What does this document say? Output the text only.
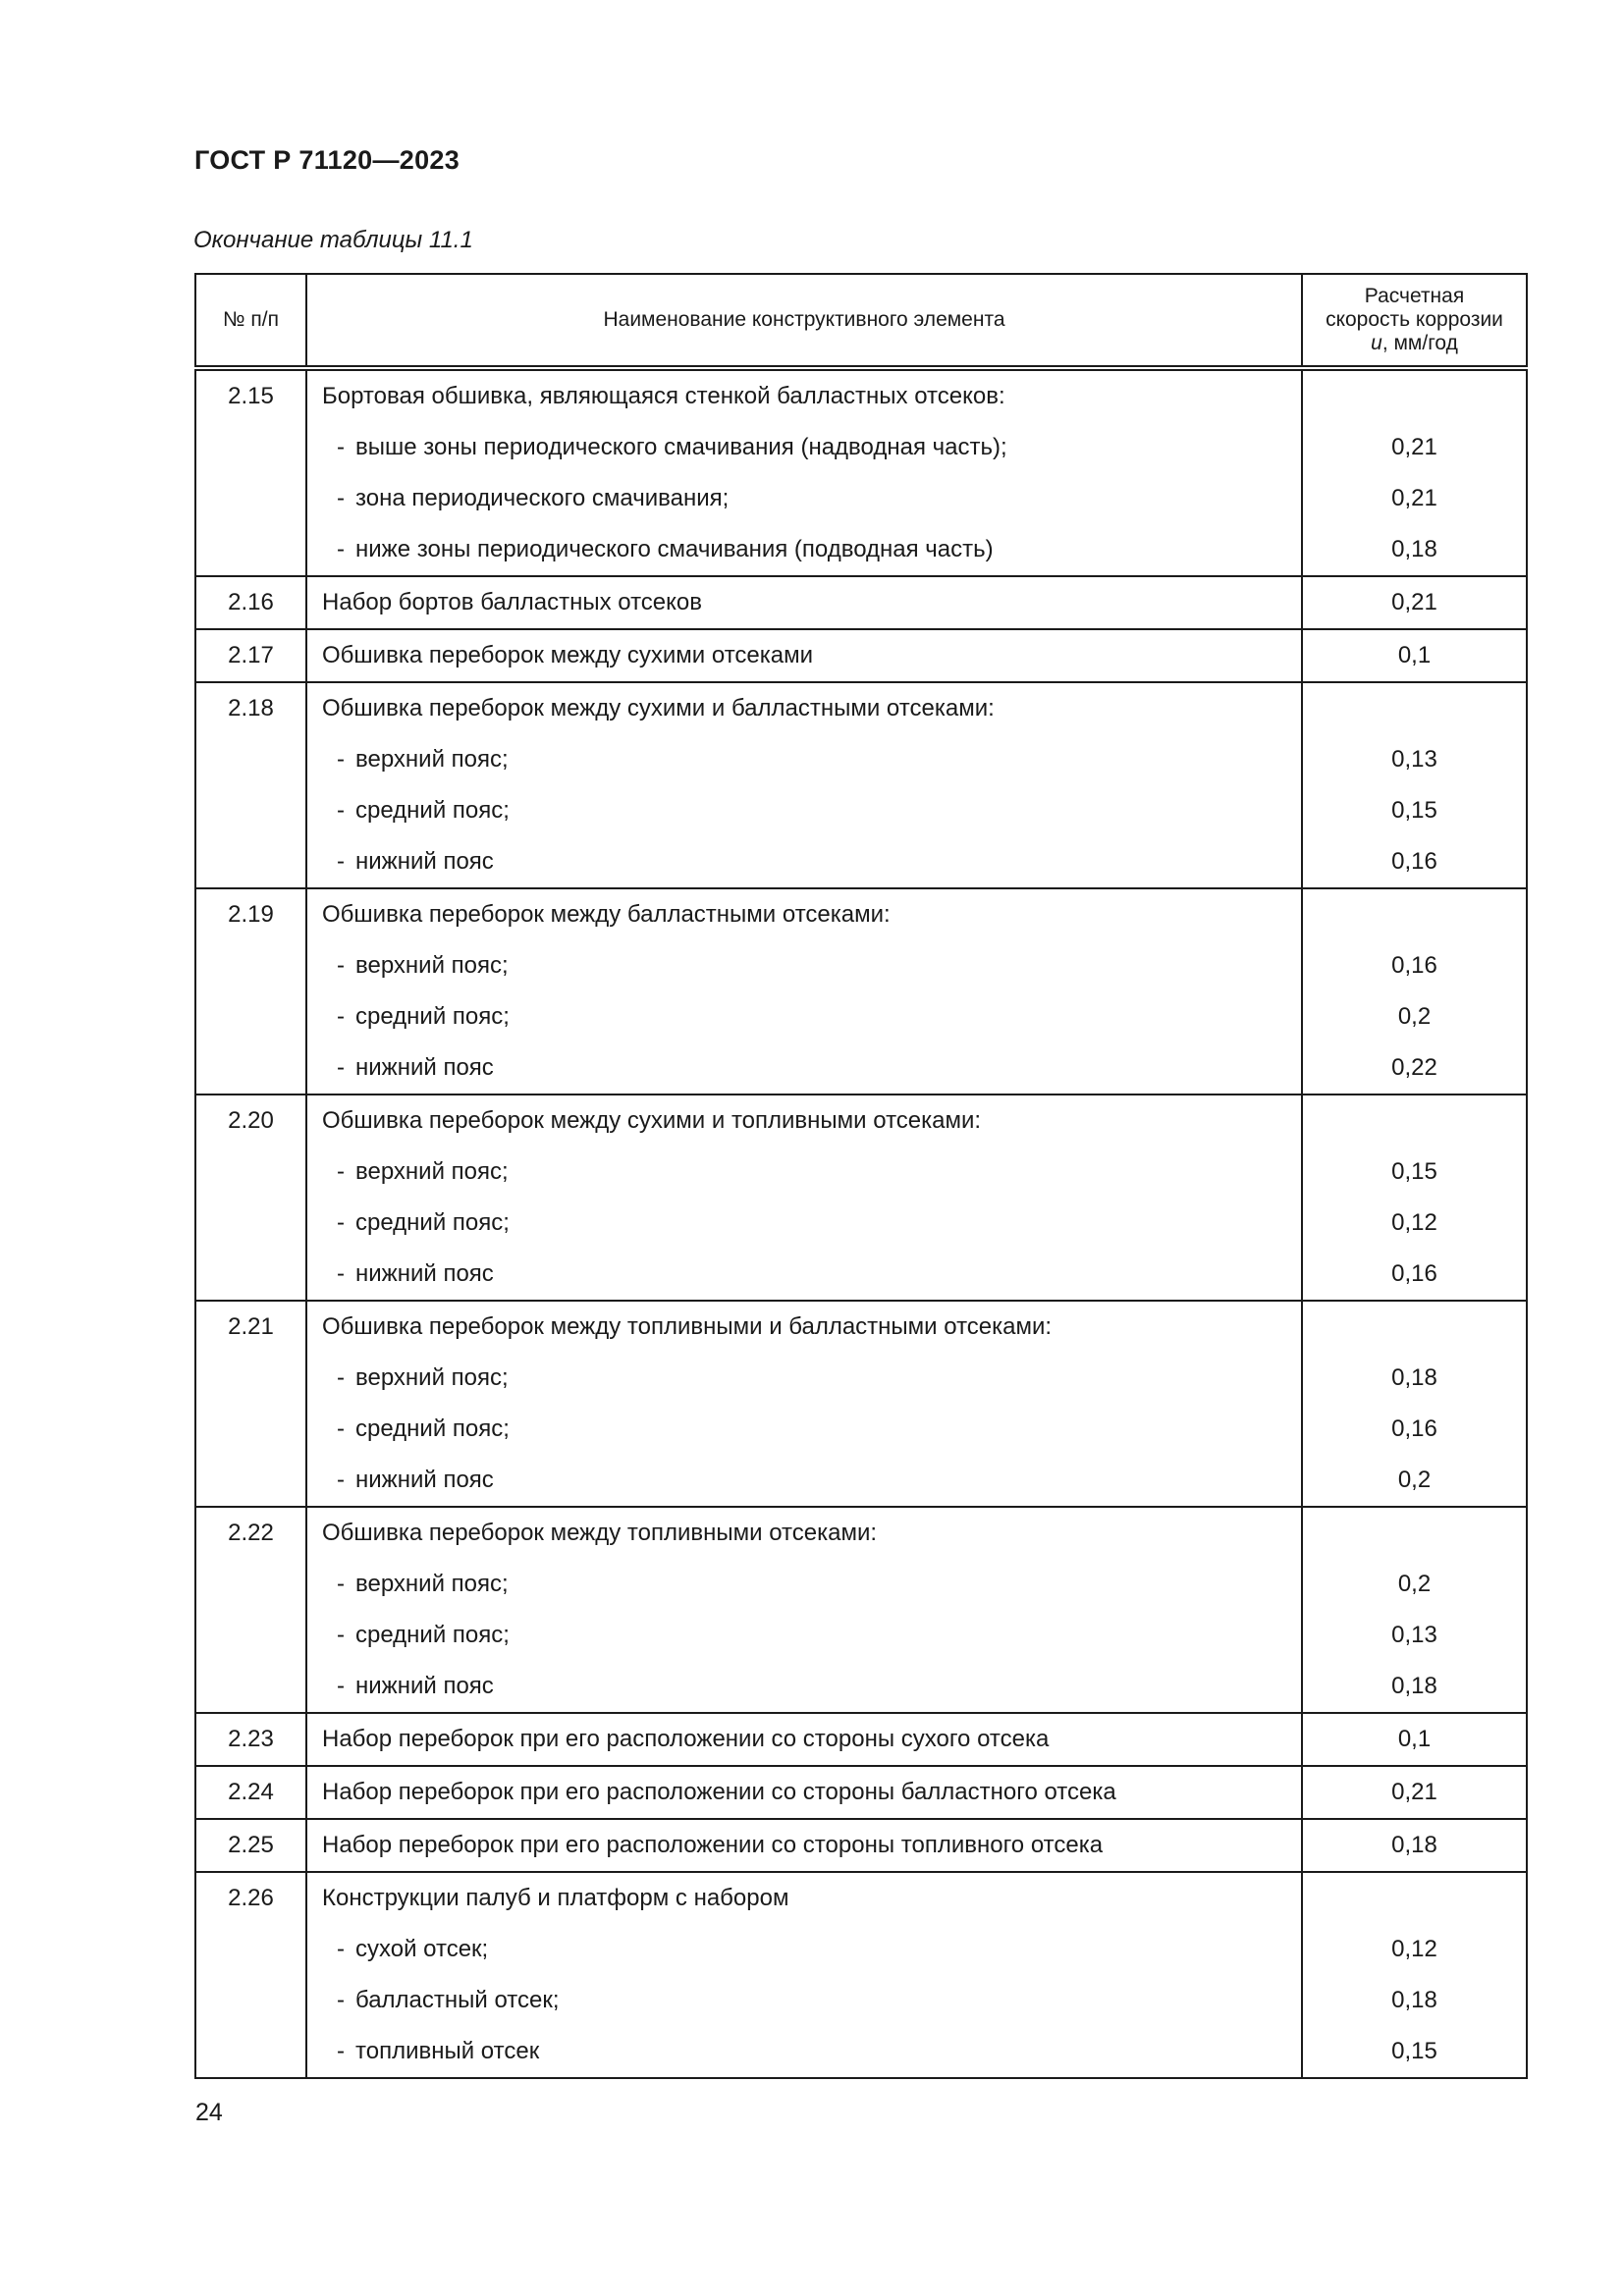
ГОСТ Р 71120—2023
Окончание таблицы 11.1
№ п/п	Наименование конструктивного элемента	Расчетная
скорость коррозии
u, мм/год
2.15	Бортовая обшивка, являющаяся стенкой балластных отсеков:	
	- выше зоны периодического смачивания (надводная часть);	0,21
	- зона периодического смачивания;	0,21
	- ниже зоны периодического смачивания (подводная часть)	0,18
2.16	Набор бортов балластных отсеков	0,21
2.17	Обшивка переборок между сухими отсеками	0,1
2.18	Обшивка переборок между сухими и балластными отсеками:	
	- верхний пояс;	0,13
	- средний пояс;	0,15
	- нижний пояс	0,16
2.19	Обшивка переборок между балластными отсеками:	
	- верхний пояс;	0,16
	- средний пояс;	0,2
	- нижний пояс	0,22
2.20	Обшивка переборок между сухими и топливными отсеками:	
	- верхний пояс;	0,15
	- средний пояс;	0,12
	- нижний пояс	0,16
2.21	Обшивка переборок между топливными и балластными отсеками:	
	- верхний пояс;	0,18
	- средний пояс;	0,16
	- нижний пояс	0,2
2.22	Обшивка переборок между топливными отсеками:	
	- верхний пояс;	0,2
	- средний пояс;	0,13
	- нижний пояс	0,18
2.23	Набор переборок при его расположении со стороны сухого отсека	0,1
2.24	Набор переборок при его расположении со стороны балластного отсека	0,21
2.25	Набор переборок при его расположении со стороны топливного отсека	0,18
2.26	Конструкции палуб и платформ с набором	
	- сухой отсек;	0,12
	- балластный отсек;	0,18
	- топливный отсек	0,15
24
